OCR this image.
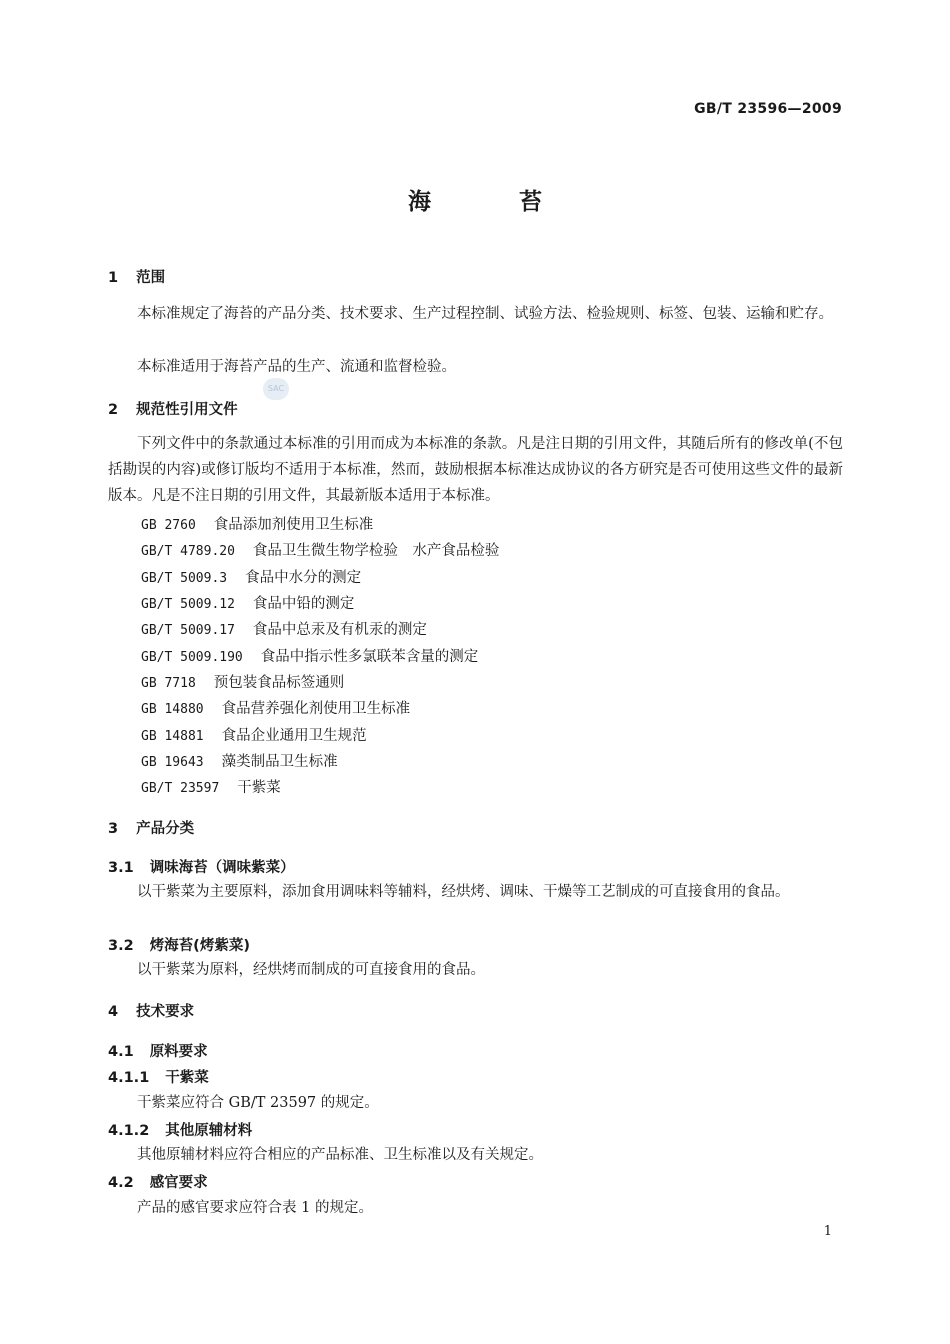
GB/T 23596—2009
海	苔
1 范围
本标准规定了海苔的产品分类、技术要求、生产过程控制、试验方法、检验规则、标签、包装、运输和贮存。
本标准适用于海苔产品的生产、流通和监督检验。
SAC
2 规范性引用文件
下列文件中的条款通过本标准的引用而成为本标准的条款。凡是注日期的引用文件，其随后所有的修改单(不包括勘误的内容)或修订版均不适用于本标准，然而，鼓励根据本标准达成协议的各方研究是否可使用这些文件的最新版本。凡是不注日期的引用文件，其最新版本适用于本标准。
GB 2760 食品添加剂使用卫生标准
GB/T 4789.20 食品卫生微生物学检验　水产食品检验
GB/T 5009.3 食品中水分的测定
GB/T 5009.12 食品中铅的测定
GB/T 5009.17 食品中总汞及有机汞的测定
GB/T 5009.190 食品中指示性多氯联苯含量的测定
GB 7718 预包装食品标签通则
GB 14880 食品营养强化剂使用卫生标准
GB 14881 食品企业通用卫生规范
GB 19643 藻类制品卫生标准
GB/T 23597 干紫菜
3 产品分类
3.1 调味海苔（调味紫菜）
以干紫菜为主要原料，添加食用调味料等辅料，经烘烤、调味、干燥等工艺制成的可直接食用的食品。
3.2 烤海苔(烤紫菜)
以干紫菜为原料，经烘烤而制成的可直接食用的食品。
4 技术要求
4.1 原料要求
4.1.1 干紫菜
干紫菜应符合 GB/T 23597 的规定。
4.1.2 其他原辅材料
其他原辅材料应符合相应的产品标准、卫生标准以及有关规定。
4.2 感官要求
产品的感官要求应符合表 1 的规定。
1
